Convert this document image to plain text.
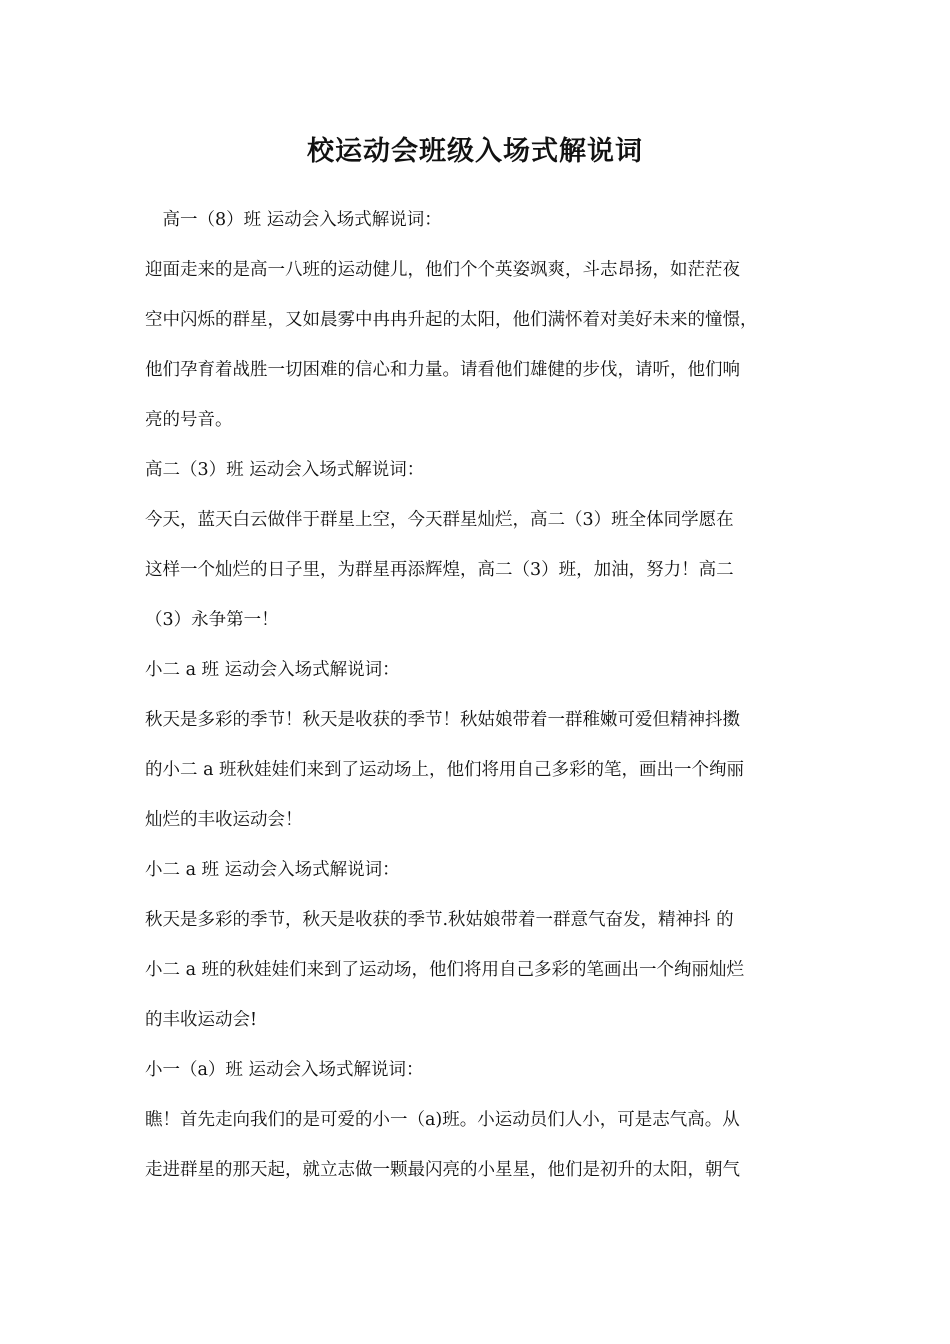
校运动会班级入场式解说词
　高一（8）班 运动会入场式解说词：
迎面走来的是高一八班的运动健儿，他们个个英姿飒爽，斗志昂扬，如茫茫夜
空中闪烁的群星，又如晨雾中冉冉升起的太阳，他们满怀着对美好未来的憧憬，
他们孕育着战胜一切困难的信心和力量。请看他们雄健的步伐，请听，他们响
亮的号音。
高二（3）班 运动会入场式解说词：
今天，蓝天白云做伴于群星上空，今天群星灿烂，高二（3）班全体同学愿在
这样一个灿烂的日子里，为群星再添辉煌，高二（3）班，加油，努力！高二
（3）永争第一！
小二 a 班 运动会入场式解说词：
秋天是多彩的季节！秋天是收获的季节！秋姑娘带着一群稚嫩可爱但精神抖擞
的小二 a 班秋娃娃们来到了运动场上，他们将用自己多彩的笔，画出一个绚丽
灿烂的丰收运动会！
小二 a 班 运动会入场式解说词：
秋天是多彩的季节，秋天是收获的季节.秋姑娘带着一群意气奋发，精神抖 的
小二 a 班的秋娃娃们来到了运动场，他们将用自己多彩的笔画出一个绚丽灿烂
的丰收运动会!
小一（a）班 运动会入场式解说词：
瞧！首先走向我们的是可爱的小一（a)班。小运动员们人小，可是志气高。从
走进群星的那天起，就立志做一颗最闪亮的小星星，他们是初升的太阳，朝气
